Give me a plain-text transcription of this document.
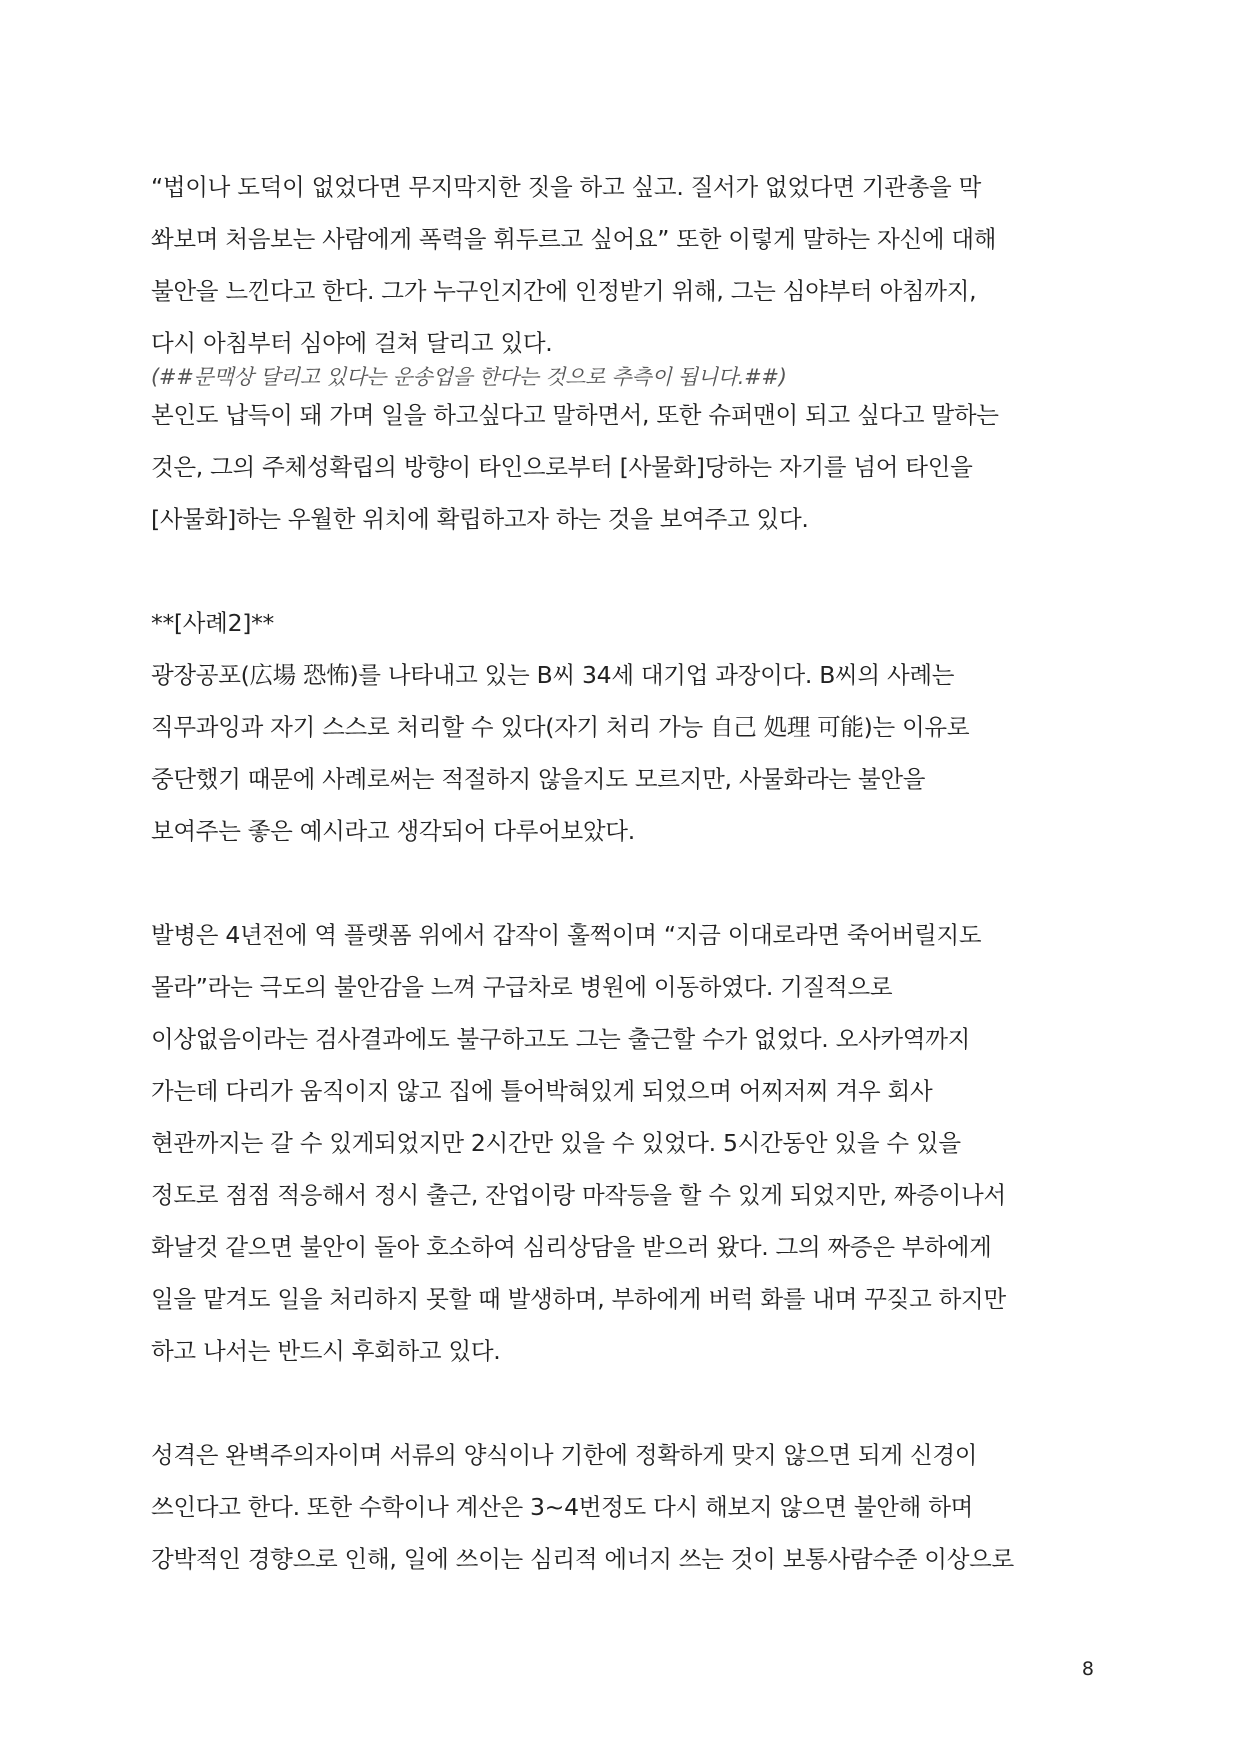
“법이나 도덕이 없었다면 무지막지한 짓을 하고 싶고. 질서가 없었다면 기관총을 막
쏴보며 처음보는 사람에게 폭력을 휘두르고 싶어요” 또한 이렇게 말하는 자신에 대해
불안을 느낀다고 한다. 그가 누구인지간에 인정받기 위해, 그는 심야부터 아침까지,
다시 아침부터 심야에 걸쳐 달리고 있다.
(##문맥상 달리고 있다는 운송업을 한다는 것으로 추측이 됩니다.##)
본인도 납득이 돼 가며 일을 하고싶다고 말하면서, 또한 슈퍼맨이 되고 싶다고 말하는
것은, 그의 주체성확립의 방향이 타인으로부터 [사물화]당하는 자기를 넘어 타인을
[사물화]하는 우월한 위치에 확립하고자 하는 것을 보여주고 있다.
**[사례2]**
광장공포(広場 恐怖)를 나타내고 있는 B씨 34세 대기업 과장이다. B씨의 사례는
직무과잉과 자기 스스로 처리할 수 있다(자기 처리 가능 自己 処理 可能)는 이유로
중단했기 때문에 사례로써는 적절하지 않을지도 모르지만, 사물화라는 불안을
보여주는 좋은 예시라고 생각되어 다루어보았다.
발병은 4년전에 역 플랫폼 위에서 갑작이 훌쩍이며 “지금 이대로라면 죽어버릴지도
몰라”라는 극도의 불안감을 느껴 구급차로 병원에 이동하였다. 기질적으로
이상없음이라는 검사결과에도 불구하고도 그는 출근할 수가 없었다. 오사카역까지
가는데 다리가 움직이지 않고 집에 틀어박혀있게 되었으며 어찌저찌 겨우 회사
현관까지는 갈 수 있게되었지만 2시간만 있을 수 있었다. 5시간동안 있을 수 있을
정도로 점점 적응해서 정시 출근, 잔업이랑 마작등을 할 수 있게 되었지만, 짜증이나서
화날것 같으면 불안이 돌아 호소하여 심리상담을 받으러 왔다. 그의 짜증은 부하에게
일을 맡겨도 일을 처리하지 못할 때 발생하며, 부하에게 버럭 화를 내며 꾸짖고 하지만
하고 나서는 반드시 후회하고 있다.
성격은 완벽주의자이며 서류의 양식이나 기한에 정확하게 맞지 않으면 되게 신경이
쓰인다고 한다. 또한 수학이나 계산은 3~4번정도 다시 해보지 않으면 불안해 하며
강박적인 경향으로 인해, 일에 쓰이는 심리적 에너지 쓰는 것이 보통사람수준 이상으로
8
